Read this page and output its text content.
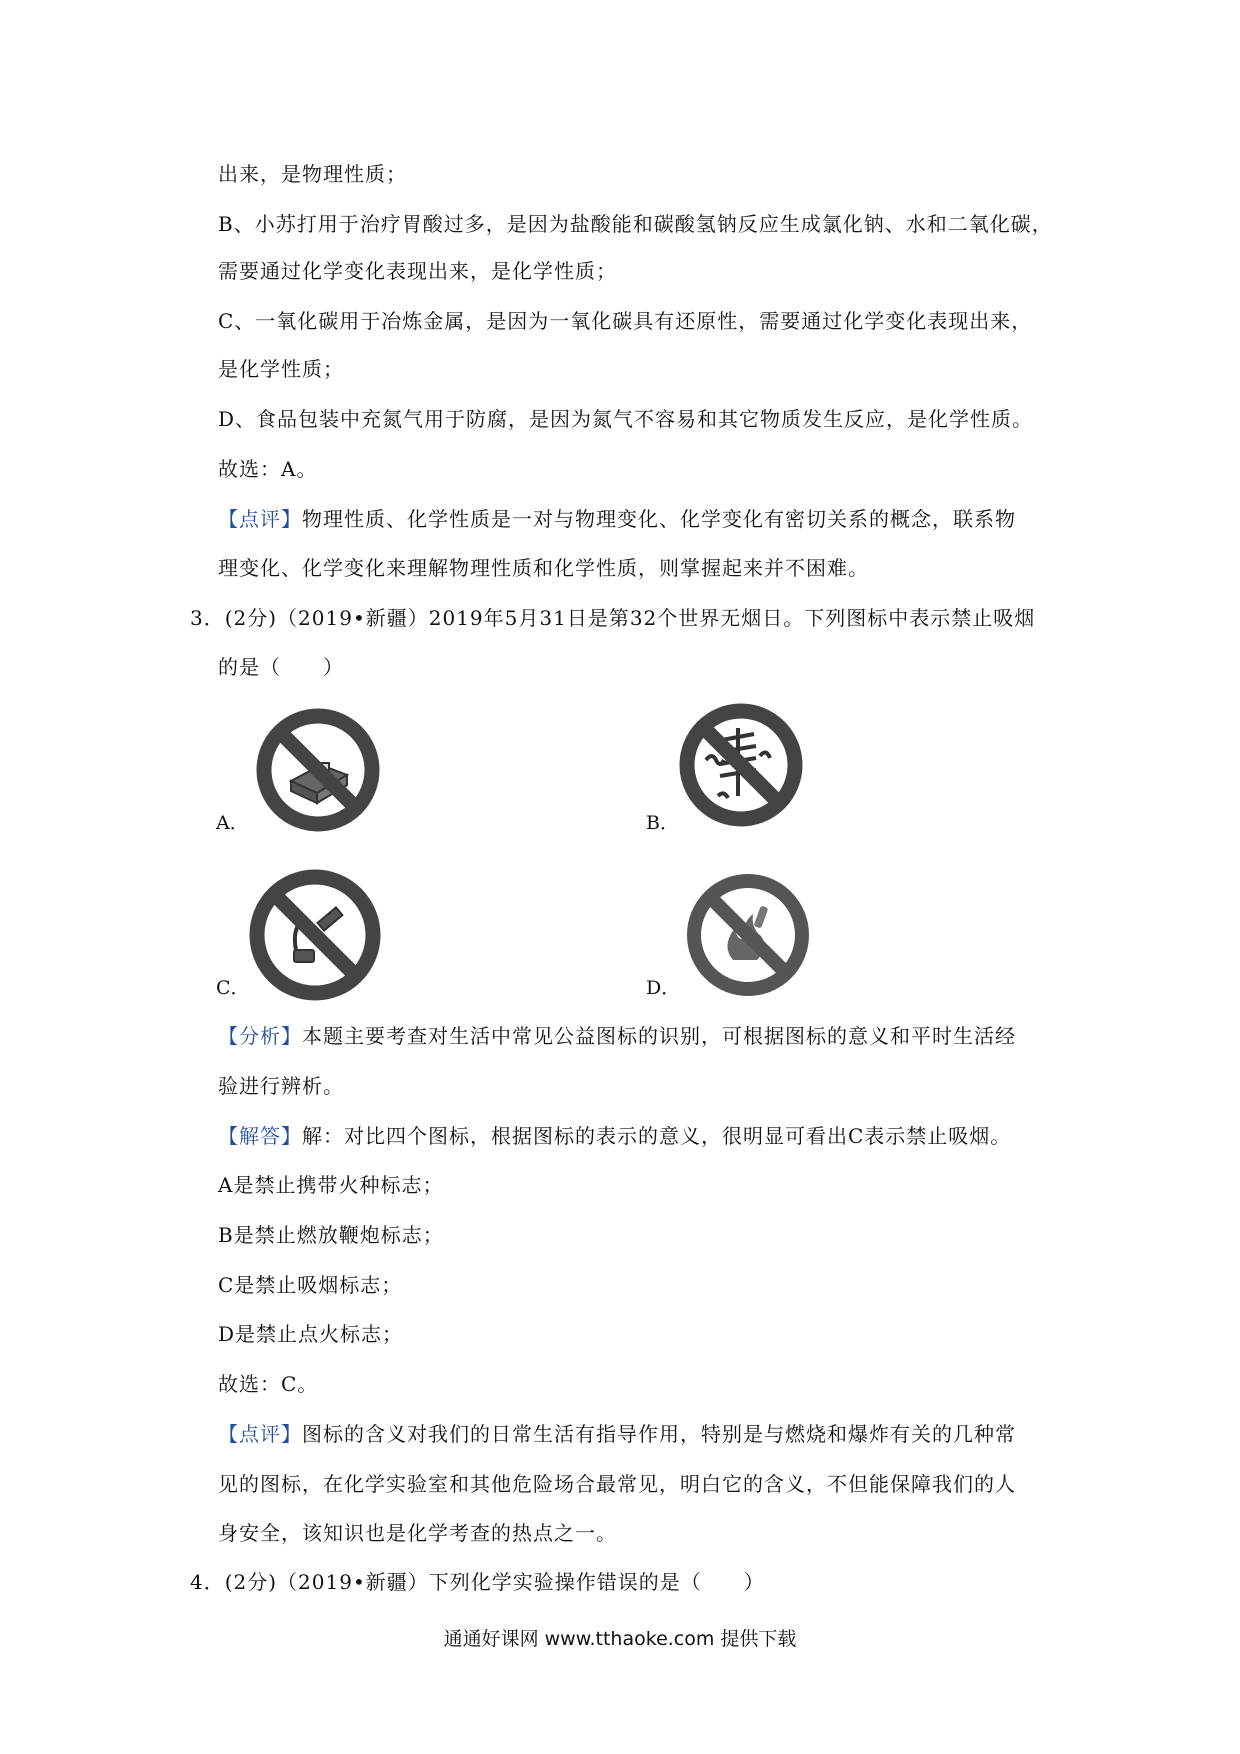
出来，是物理性质；
B、小苏打用于治疗胃酸过多，是因为盐酸能和碳酸氢钠反应生成氯化钠、水和二氧化碳，
需要通过化学变化表现出来，是化学性质；
C、一氧化碳用于冶炼金属，是因为一氧化碳具有还原性，需要通过化学变化表现出来，
是化学性质；
D、食品包装中充氮气用于防腐，是因为氮气不容易和其它物质发生反应，是化学性质。
故选：A。
【点评】物理性质、化学性质是一对与物理变化、化学变化有密切关系的概念，联系物
理变化、化学变化来理解物理性质和化学性质，则掌握起来并不困难。
3．(2分)（2019•新疆）2019年5月31日是第32个世界无烟日。下列图标中表示禁止吸烟
的是（　　）
A．	B．
C．	D．
【分析】本题主要考查对生活中常见公益图标的识别，可根据图标的意义和平时生活经
验进行辨析。
【解答】解：对比四个图标，根据图标的表示的意义，很明显可看出C表示禁止吸烟。
A是禁止携带火种标志；
B是禁止燃放鞭炮标志；
C是禁止吸烟标志；
D是禁止点火标志；
故选：C。
【点评】图标的含义对我们的日常生活有指导作用，特别是与燃烧和爆炸有关的几种常
见的图标，在化学实验室和其他危险场合最常见，明白它的含义，不但能保障我们的人
身安全，该知识也是化学考查的热点之一。
4．(2分)（2019•新疆）下列化学实验操作错误的是（　　）
通通好课网 www.tthaoke.com 提供下载
